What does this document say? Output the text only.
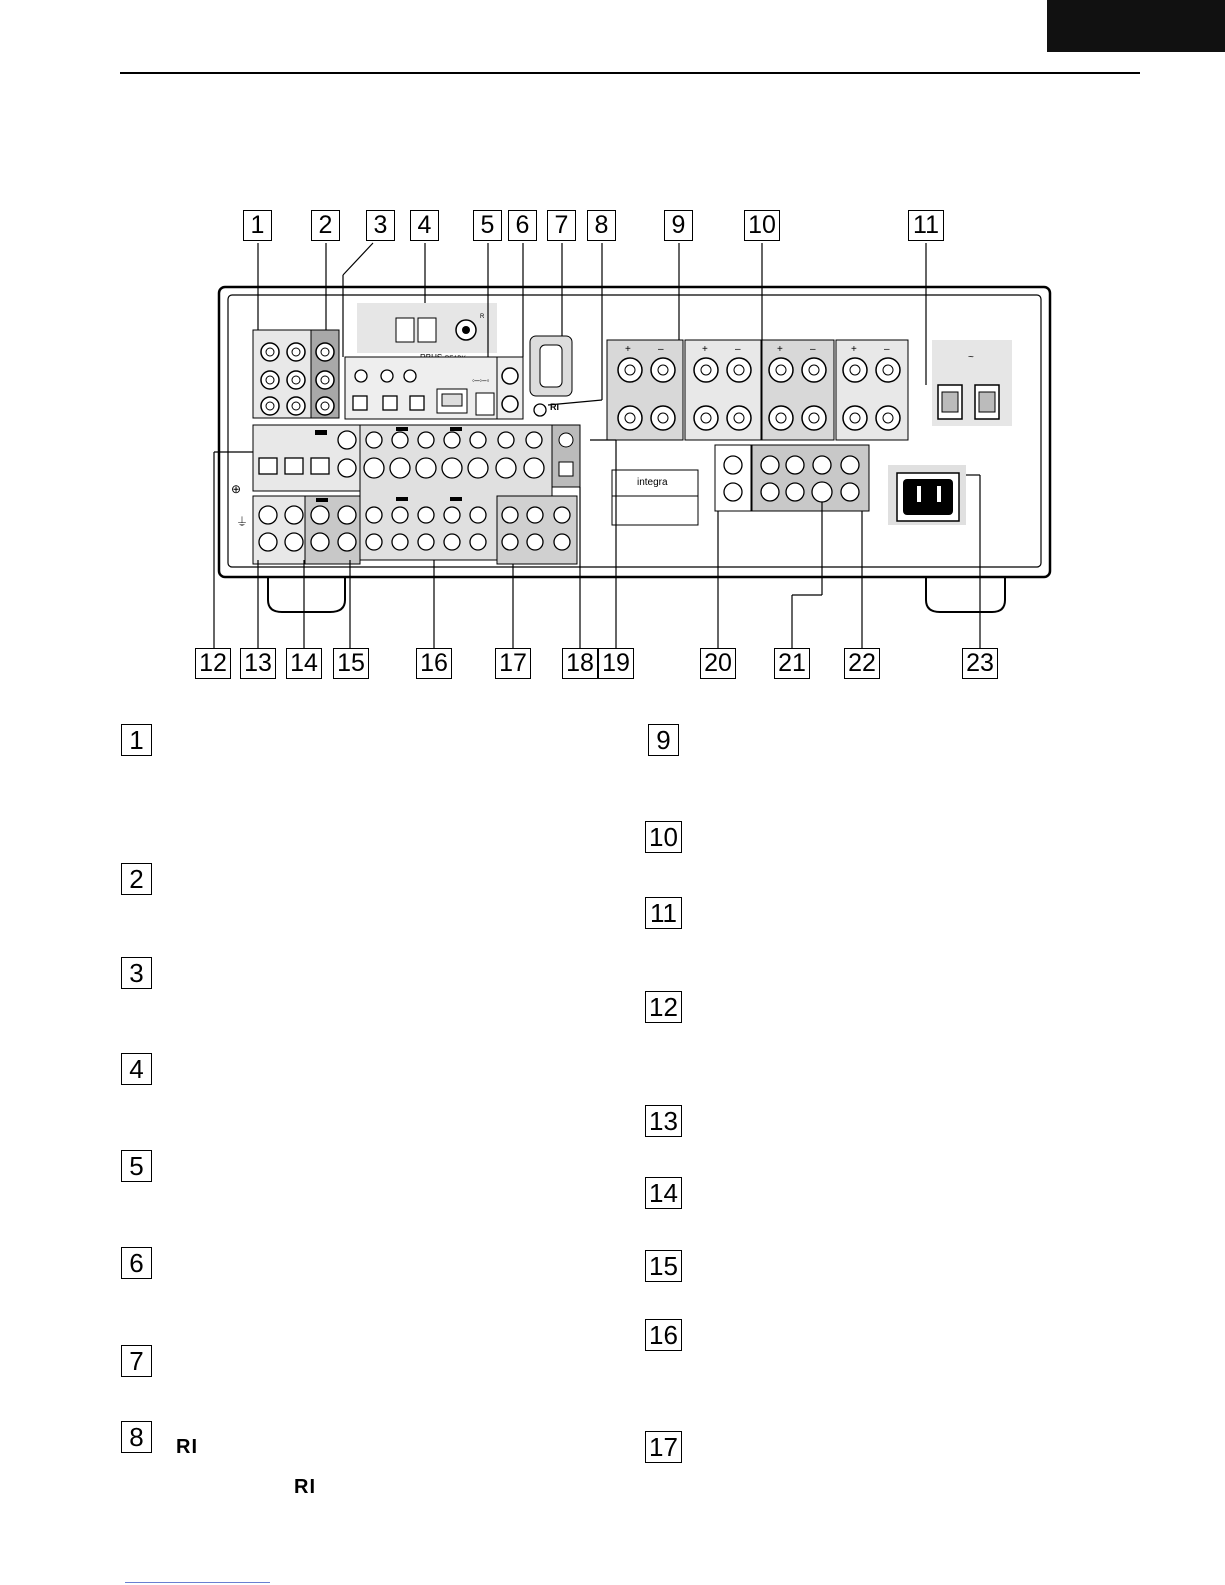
R
◦–◦–◦
RI
+	–	+	–	+	–	+	–
~
⊕
⏚
integra
1	2	3	4	5 6	7	8	9	10	11
12 13 14 15 16 17 18 19	20 21 22	23
1
2
3
4
5
6
7
8	RI
RI
9
10
11
12
13
14
15
16
17
